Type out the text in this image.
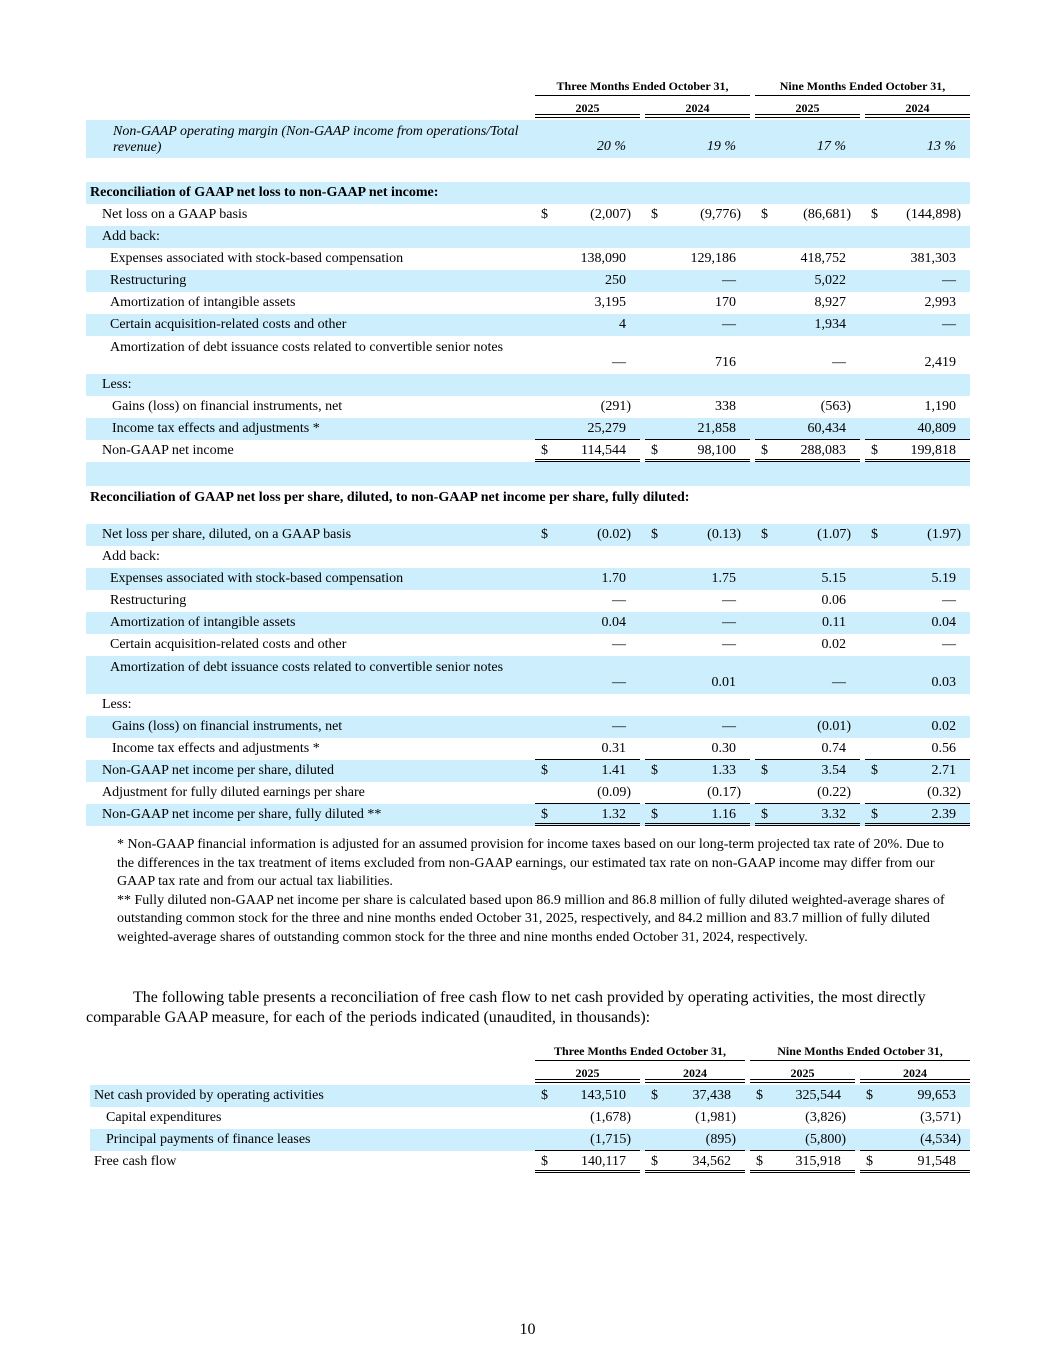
Three Months Ended October 31,	Nine Months Ended October 31,
2025	2024	2025	2024
Non-GAAP operating margin (Non-GAAP income from operations/Total revenue)	20 %	19 %	17 %	13 %
Reconciliation of GAAP net loss to non-GAAP net income:
Net loss on a GAAP basis	$	(2,007) $	(9,776) $	(86,681) $ (144,898)
Add back:
Expenses associated with stock-based compensation	138,090	129,186	418,752	381,303
Restructuring	250	—	5,022	—
Amortization of intangible assets	3,195	170	8,927	2,993
Certain acquisition-related costs and other	4	—	1,934	—
Amortization of debt issuance costs related to convertible senior notes
—	716	—	2,419
Less:
Gains (loss) on financial instruments, net	(291)	338	(563)	1,190
Income tax effects and adjustments *	25,279	21,858	60,434	40,809
Non-GAAP net income	$ 114,544 $	98,100 $ 288,083 $ 199,818
Reconciliation of GAAP net loss per share, diluted, to non-GAAP net income per share, fully diluted:
Net loss per share, diluted, on a GAAP basis	$	(0.02) $	(0.13) $	(1.07) $	(1.97)
Add back:
Expenses associated with stock-based compensation	1.70	1.75	5.15	5.19
Restructuring	—	—	0.06	—
Amortization of intangible assets	0.04	—	0.11	0.04
Certain acquisition-related costs and other	—	—	0.02	—
Amortization of debt issuance costs related to convertible senior notes
—	0.01	—	0.03
Less:
Gains (loss) on financial instruments, net	—	—	(0.01)	0.02
Income tax effects and adjustments *	0.31	0.30	0.74	0.56
Non-GAAP net income per share, diluted	$	1.41 $	1.33 $	3.54 $	2.71
Adjustment for fully diluted earnings per share	(0.09)	(0.17)	(0.22)	(0.32)
Non-GAAP net income per share, fully diluted **	$	1.32 $	1.16 $	3.32 $	2.39
* Non-GAAP financial information is adjusted for an assumed provision for income taxes based on our long-term projected tax rate of 20%. Due to the differences in the tax treatment of items excluded from non-GAAP earnings, our estimated tax rate on non-GAAP income may differ from our GAAP tax rate and from our actual tax liabilities.
** Fully diluted non-GAAP net income per share is calculated based upon 86.9 million and 86.8 million of fully diluted weighted-average shares of outstanding common stock for the three and nine months ended October 31, 2025, respectively, and 84.2 million and 83.7 million of fully diluted weighted-average shares of outstanding common stock for the three and nine months ended October 31, 2024, respectively.
The following table presents a reconciliation of free cash flow to net cash provided by operating activities, the most directly comparable GAAP measure, for each of the periods indicated (unaudited, in thousands):
Three Months Ended October 31,	Nine Months Ended October 31,
2025	2024	2025	2024
Net cash provided by operating activities	$ 143,510 $ 37,438 $ 325,544 $	99,653
Capital expenditures	(1,678)	(1,981)	(3,826)	(3,571)
Principal payments of finance leases	(1,715)	(895)	(5,800)	(4,534)
Free cash flow	$ 140,117 $ 34,562 $ 315,918 $	91,548
10
